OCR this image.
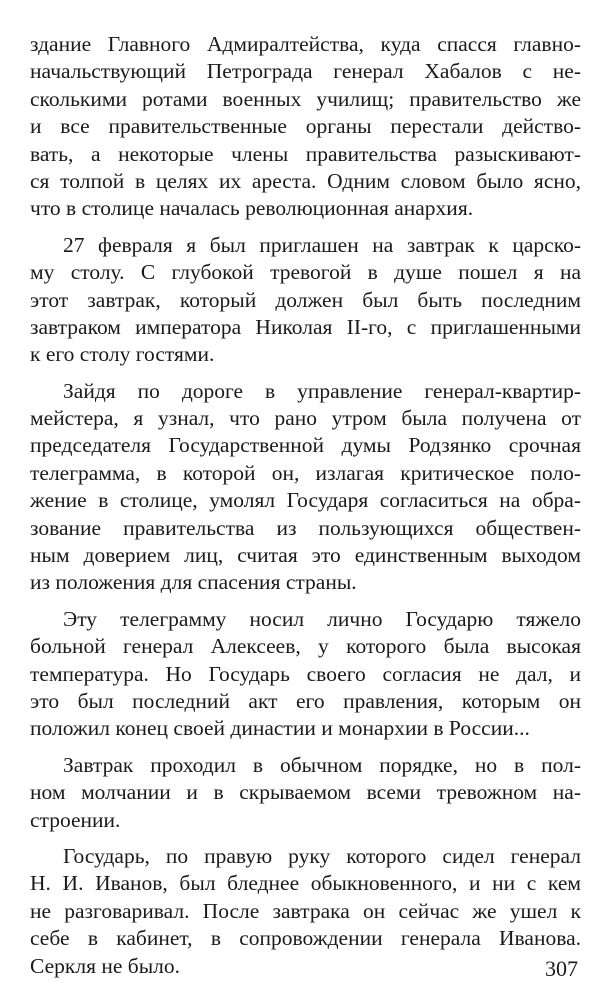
здание Главного Адмиралтейства, куда спасся главно-
начальствующий Петрограда генерал Хабалов с не-
сколькими ротами военных училищ; правительство же
и все правительственные органы перестали действо-
вать, а некоторые члены правительства разыскивают-
ся толпой в целях их ареста. Одним словом было ясно,
что в столице началась революционная анархия.
27 февраля я был приглашен на завтрак к царско-
му столу. С глубокой тревогой в душе пошел я на
этот завтрак, который должен был быть последним
завтраком императора Николая II-го, с приглашенными
к его столу гостями.
Зайдя по дороге в управление генерал-квартир-
мейстера, я узнал, что рано утром была получена от
председателя Государственной думы Родзянко срочная
телеграмма, в которой он, излагая критическое поло-
жение в столице, умолял Государя согласиться на обра-
зование правительства из пользующихся обществен-
ным доверием лиц, считая это единственным выходом
из положения для спасения страны.
Эту телеграмму носил лично Государю тяжело
больной генерал Алексеев, у которого была высокая
температура. Но Государь своего согласия не дал, и
это был последний акт его правления, которым он
положил конец своей династии и монархии в России...
Завтрак проходил в обычном порядке, но в пол-
ном молчании и в скрываемом всеми тревожном на-
строении.
Государь, по правую руку которого сидел генерал
Н. И. Иванов, был бледнее обыкновенного, и ни с кем
не разговаривал. После завтрака он сейчас же ушел к
себе в кабинет, в сопровождении генерала Иванова.
Серкля не было.	307
